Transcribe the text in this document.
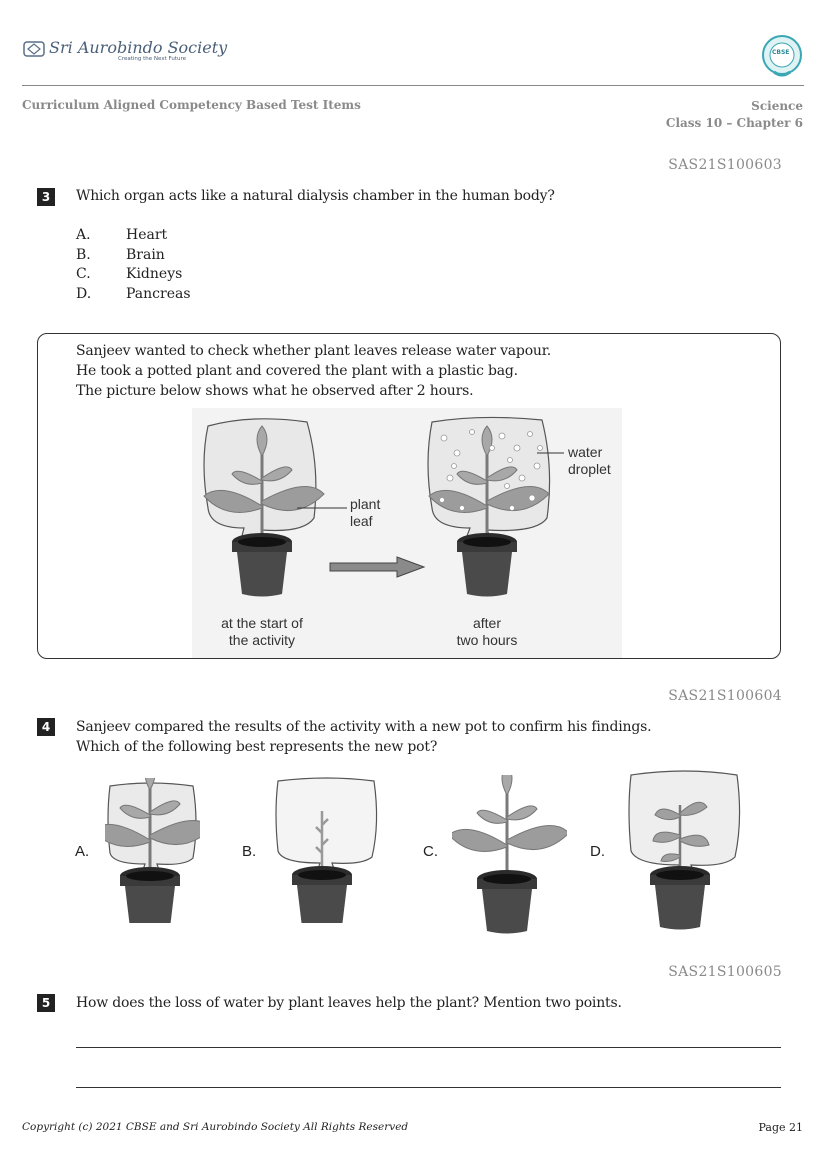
Sri Aurobindo Society
Creating the Next Future
CBSE
Curriculum Aligned Competency Based Test Items	Science
Class 10 – Chapter 6
SAS21S100603
3	Which organ acts like a natural dialysis chamber in the human body?
A.	Heart
B.	Brain
C.	Kidneys
D. Pancreas
Sanjeev wanted to check whether plant leaves release water vapour.
He took a potted plant and covered the plant with a plastic bag.
The picture below shows what he observed after 2 hours.
plant
leaf
water
droplet
at the start of
the activity
after
two hours
SAS21S100604
4	Sanjeev compared the results of the activity with a new pot to confirm his findings.
Which of the following best represents the new pot?
A.	B.	C.	D.
SAS21S100605
5	How does the loss of water by plant leaves help the plant? Mention two points.
Copyright (c) 2021 CBSE and Sri Aurobindo Society All Rights Reserved	Page 21
